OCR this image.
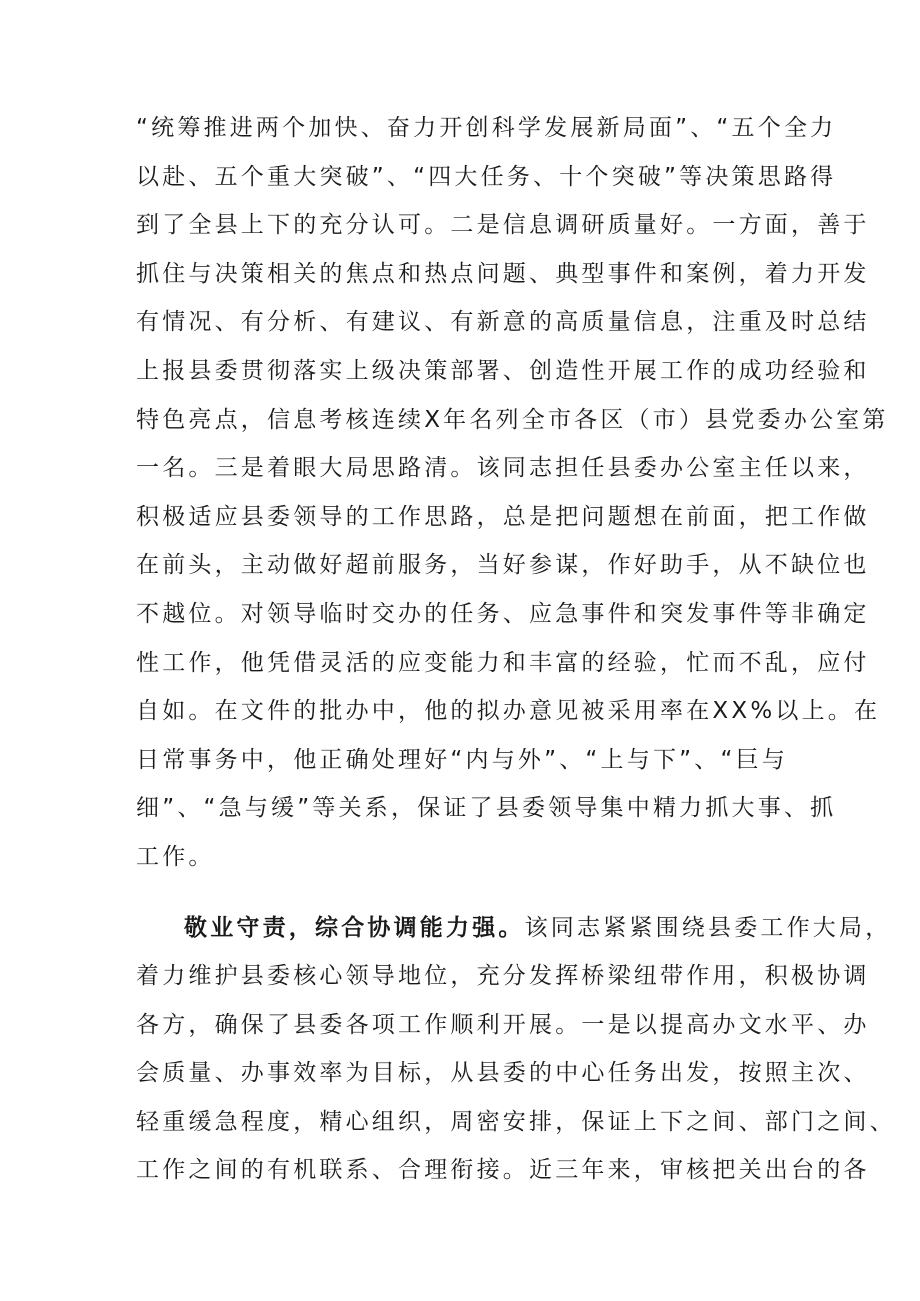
“统筹推进两个加快、奋力开创科学发展新局面”、“五个全力
以赴、五个重大突破”、“四大任务、十个突破”等决策思路得
到了全县上下的充分认可。二是信息调研质量好。一方面，善于
抓住与决策相关的焦点和热点问题、典型事件和案例，着力开发
有情况、有分析、有建议、有新意的高质量信息，注重及时总结
上报县委贯彻落实上级决策部署、创造性开展工作的成功经验和
特色亮点，信息考核连续X年名列全市各区（市）县党委办公室第
一名。三是着眼大局思路清。该同志担任县委办公室主任以来，
积极适应县委领导的工作思路，总是把问题想在前面，把工作做
在前头，主动做好超前服务，当好参谋，作好助手，从不缺位也
不越位。对领导临时交办的任务、应急事件和突发事件等非确定
性工作，他凭借灵活的应变能力和丰富的经验，忙而不乱，应付
自如。在文件的批办中，他的拟办意见被采用率在XX%以上。在
日常事务中，他正确处理好“内与外”、“上与下”、“巨与
细”、“急与缓”等关系，保证了县委领导集中精力抓大事、抓
工作。
敬业守责，综合协调能力强。该同志紧紧围绕县委工作大局，
着力维护县委核心领导地位，充分发挥桥梁纽带作用，积极协调
各方，确保了县委各项工作顺利开展。一是以提高办文水平、办
会质量、办事效率为目标，从县委的中心任务出发，按照主次、
轻重缓急程度，精心组织，周密安排，保证上下之间、部门之间、
工作之间的有机联系、合理衔接。近三年来，审核把关出台的各
